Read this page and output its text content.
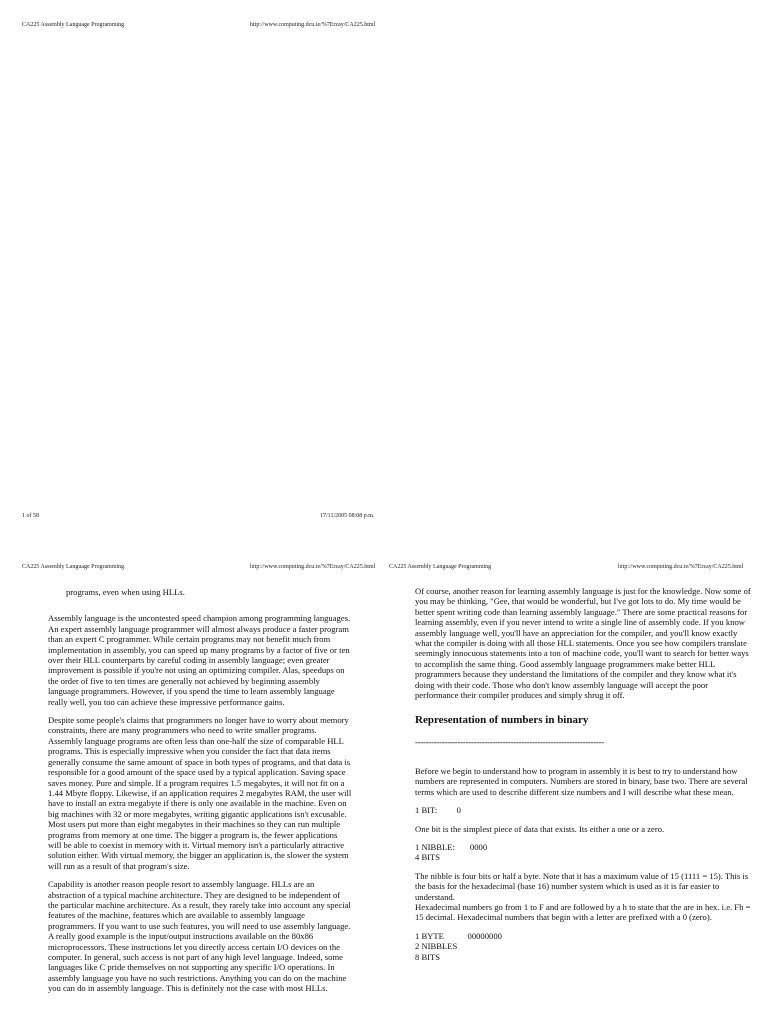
CA225 Assembly Language Programming	http://www.computing.dcu.ie/%7Erzay/CA225.html
1 of 58	17/11/2005 08:08 p.m.
CA225 Assembly Language Programming	http://www.computing.dcu.ie/%7Erzay/CA225.html

programs, even when using HLLs.

Assembly language is the uncontested speed champion among programming languages. An expert assembly language programmer will almost always produce a faster program than an expert C programmer. While certain programs may not benefit much from implementation in assembly, you can speed up many programs by a factor of five or ten over their HLL counterparts by careful coding in assembly language; even greater improvement is possible if you're not using an optimizing compiler. Alas, speedups on the order of five to ten times are generally not achieved by beginning assembly language programmers. However, if you spend the time to learn assembly language really well, you too can achieve these impressive performance gains.

Despite some people's claims that programmers no longer have to worry about memory constraints, there are many programmers who need to write smaller programs. Assembly language programs are often less than one-half the size of comparable HLL programs. This is especially impressive when you consider the fact that data items generally consume the same amount of space in both types of programs, and that data is responsible for a good amount of the space used by a typical application. Saving space saves money. Pure and simple. If a program requires 1.5 megabytes, it will not fit on a 1.44 Mbyte floppy. Likewise, if an application requires 2 megabytes RAM, the user will have to install an extra megabyte if there is only one available in the machine. Even on big machines with 32 or more megabytes, writing gigantic applications isn't excusable. Most users put more than eight megabytes in their machines so they can run multiple programs from memory at one time. The bigger a program is, the fewer applications will be able to coexist in memory with it. Virtual memory isn't a particularly attractive solution either. With virtual memory, the bigger an application is, the slower the system will run as a result of that program's size.

Capability is another reason people resort to assembly language. HLLs are an abstraction of a typical machine architecture. They are designed to be independent of the particular machine architecture. As a result, they rarely take into account any special features of the machine, features which are available to assembly language programmers. If you want to use such features, you will need to use assembly language. A really good example is the input/output instructions available on the 80x86 microprocessors. These instructions let you directly access certain I/O devices on the computer. In general, such access is not part of any high level language. Indeed, some languages like C pride themselves on not supporting any specific I/O operations. In assembly language you have no such restrictions. Anything you can do on the machine you can do in assembly language. This is definitely not the case with most HLLs.

CA225 Assembly Language Programming	http://www.computing.dcu.ie/%7Erzay/CA225.html

Of course, another reason for learning assembly language is just for the knowledge. Now some of you may be thinking, "Gee, that would be wonderful, but I've got lots to do. My time would be better spent writing code than learning assembly language." There are some practical reasons for learning assembly, even if you never intend to write a single line of assembly code. If you know assembly language well, you'll have an appreciation for the compiler, and you'll know exactly what the compiler is doing with all those HLL statements. Once you see how compilers translate seemingly innocuous statements into a ton of machine code, you'll want to search for better ways to accomplish the same thing. Good assembly language programmers make better HLL programmers because they understand the limitations of the compiler and they know what it's doing with their code. Those who don't know assembly language will accept the poor performance their compiler produces and simply shrug it off.

Representation of numbers in binary
-----------------------------------------------------------------------

Before we begin to understand how to program in assembly it is best to try to understand how numbers are represented in computers. Numbers are stored in binary, base two. There are several terms which are used to describe different size numbers and I will describe what these mean.

1 BIT: 0

One bit is the simplest piece of data that exists. Its either a one or a zero.

1 NIBBLE: 0000

4 BITS

The nibble is four bits or half a byte. Note that it has a maximum value of 15 (1111 = 15). This is the basis for the hexadecimal (base 16) number system which is used as it is far easier to understand.

Hexadecimal numbers go from 1 to F and are followed by a h to state that the are in hex. i.e. Fh = 15 decimal. Hexadecimal numbers that begin with a letter are prefixed with a 0 (zero).

1 BYTE	00000000

2 NIBBLES

8 BITS
